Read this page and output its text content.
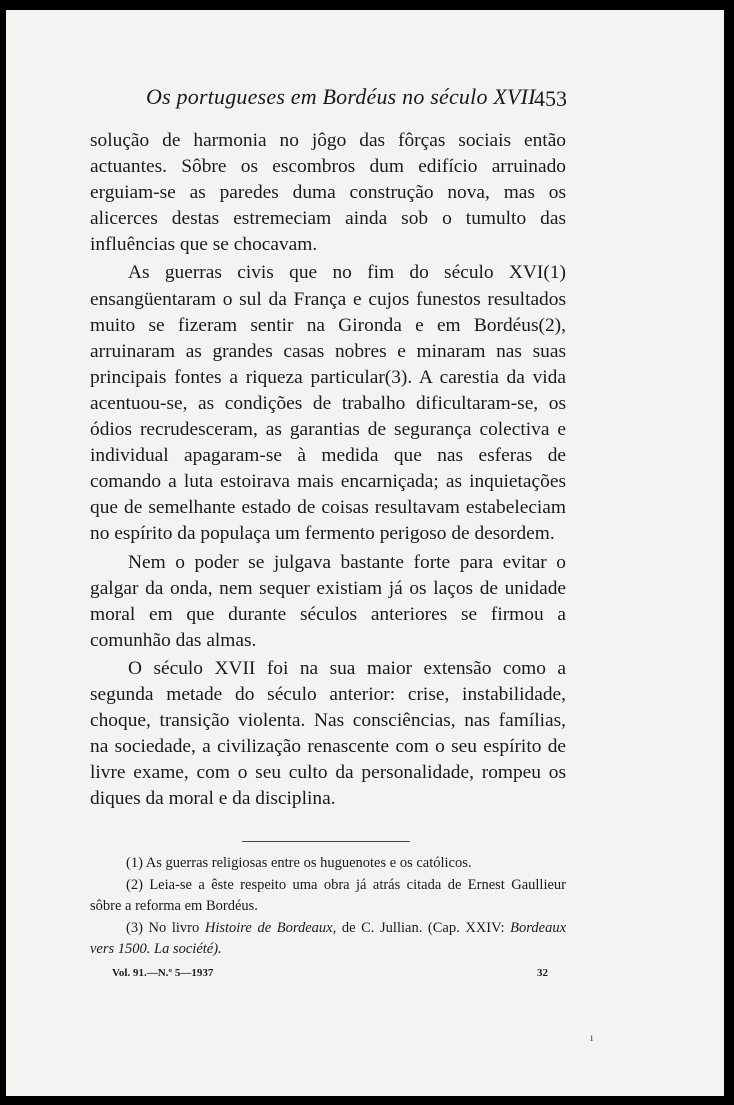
Os portugueses em Bordéus no século XVII
453

solução de harmonia no jôgo das fôrças sociais então actuantes. Sôbre os escombros dum edifício arruinado erguiam-se as paredes duma construção nova, mas os alicerces destas estremeciam ainda sob o tumulto das influências que se chocavam.

As guerras civis que no fim do século XVI(1) ensangüentaram o sul da França e cujos funestos resultados muito se fizeram sentir na Gironda e em Bordéus(2), arruinaram as grandes casas nobres e minaram nas suas principais fontes a riqueza particular(3). A carestia da vida acentuou-se, as condições de trabalho dificultaram-se, os ódios recrudesceram, as garantias de segurança colectiva e individual apagaram-se à medida que nas esferas de comando a luta estoirava mais encarniçada; as inquietações que de semelhante estado de coisas resultavam estabeleciam no espírito da populaça um fermento perigoso de desordem.

Nem o poder se julgava bastante forte para evitar o galgar da onda, nem sequer existiam já os laços de unidade moral em que durante séculos anteriores se firmou a comunhão das almas.

O século XVII foi na sua maior extensão como a segunda metade do século anterior: crise, instabilidade, choque, transição violenta. Nas consciências, nas famílias, na sociedade, a civilização renascente com o seu espírito de livre exame, com o seu culto da personalidade, rompeu os diques da moral e da disciplina.

(1) As guerras religiosas entre os huguenotes e os católicos.

(2) Leia-se a êste respeito uma obra já atrás citada de Ernest Gaullieur sôbre a reforma em Bordéus.

(3) No livro Histoire de Bordeaux, de C. Jullian. (Cap. XXIV: Bordeaux vers 1500. La société).

Vol. 91.—N.º 5—1937	32
ı
